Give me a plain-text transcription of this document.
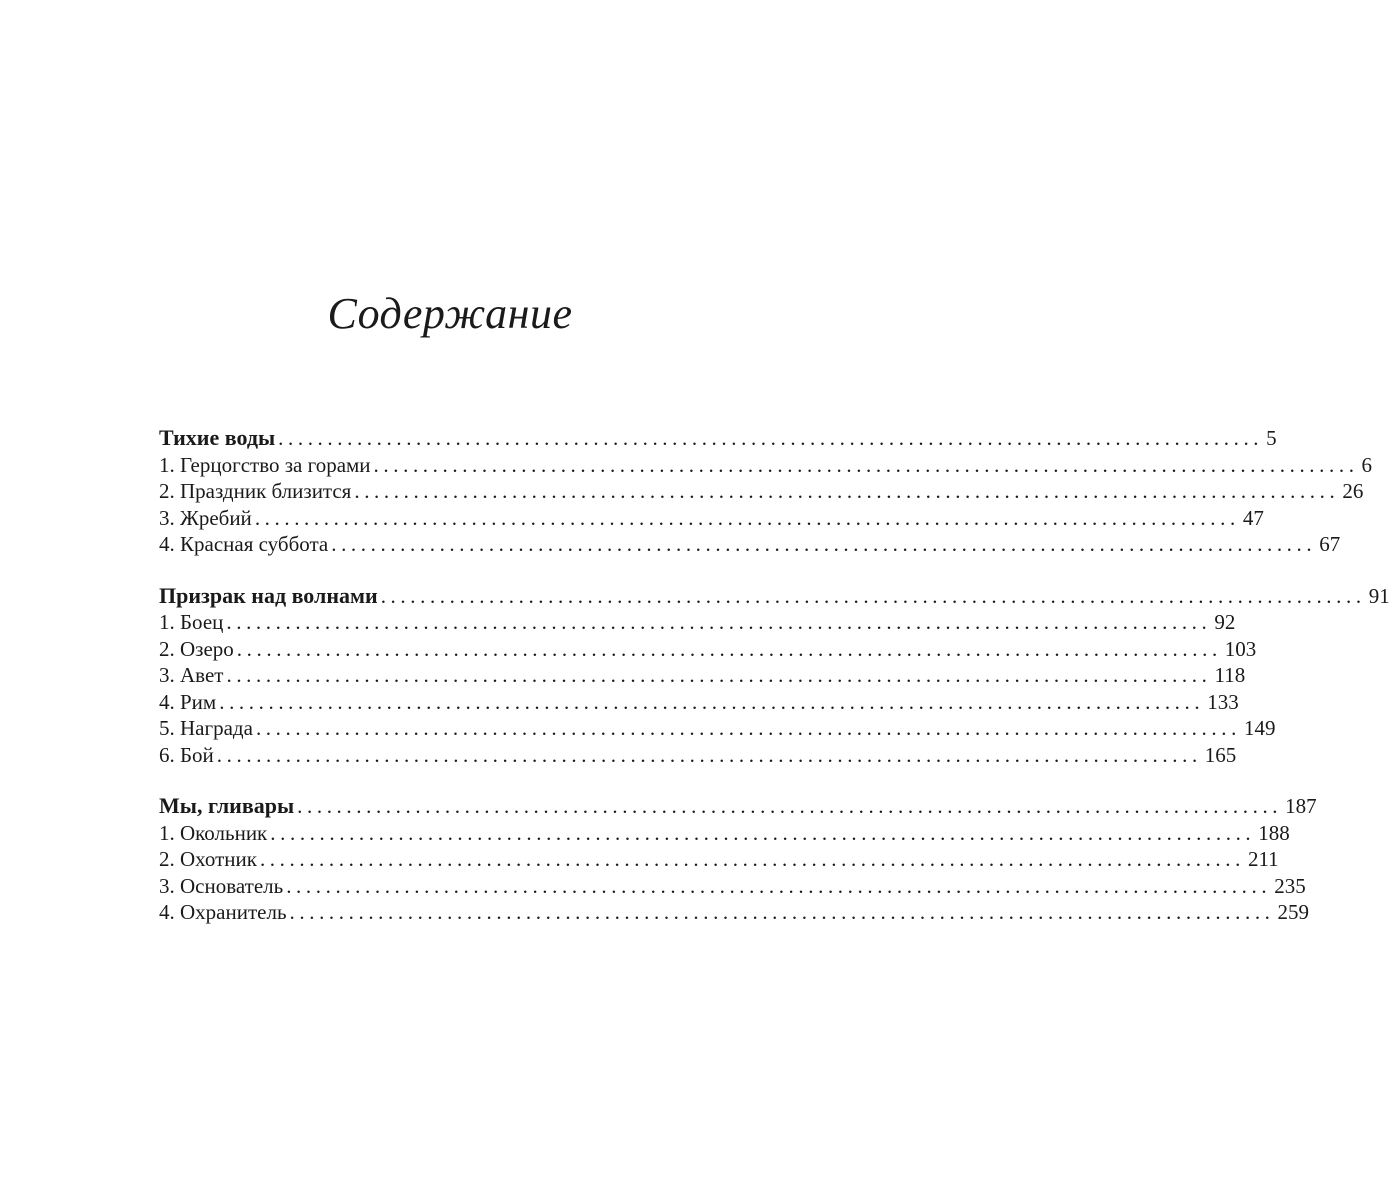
Содержание
Тихие воды .................................................................................................... 5
1. Герцогство за горами .................................................................................................... 6
2. Праздник близится .................................................................................................... 26
3. Жребий .................................................................................................... 47
4. Красная суббота .................................................................................................... 67
Призрак над волнами .................................................................................................... 91
1. Боец .................................................................................................... 92
2. Озеро .................................................................................................... 103
3. Авет .................................................................................................... 118
4. Рим .................................................................................................... 133
5. Награда .................................................................................................... 149
6. Бой .................................................................................................... 165
Мы, гливары .................................................................................................... 187
1. Окольник .................................................................................................... 188
2. Охотник .................................................................................................... 211
3. Основатель .................................................................................................... 235
4. Охранитель .................................................................................................... 259
